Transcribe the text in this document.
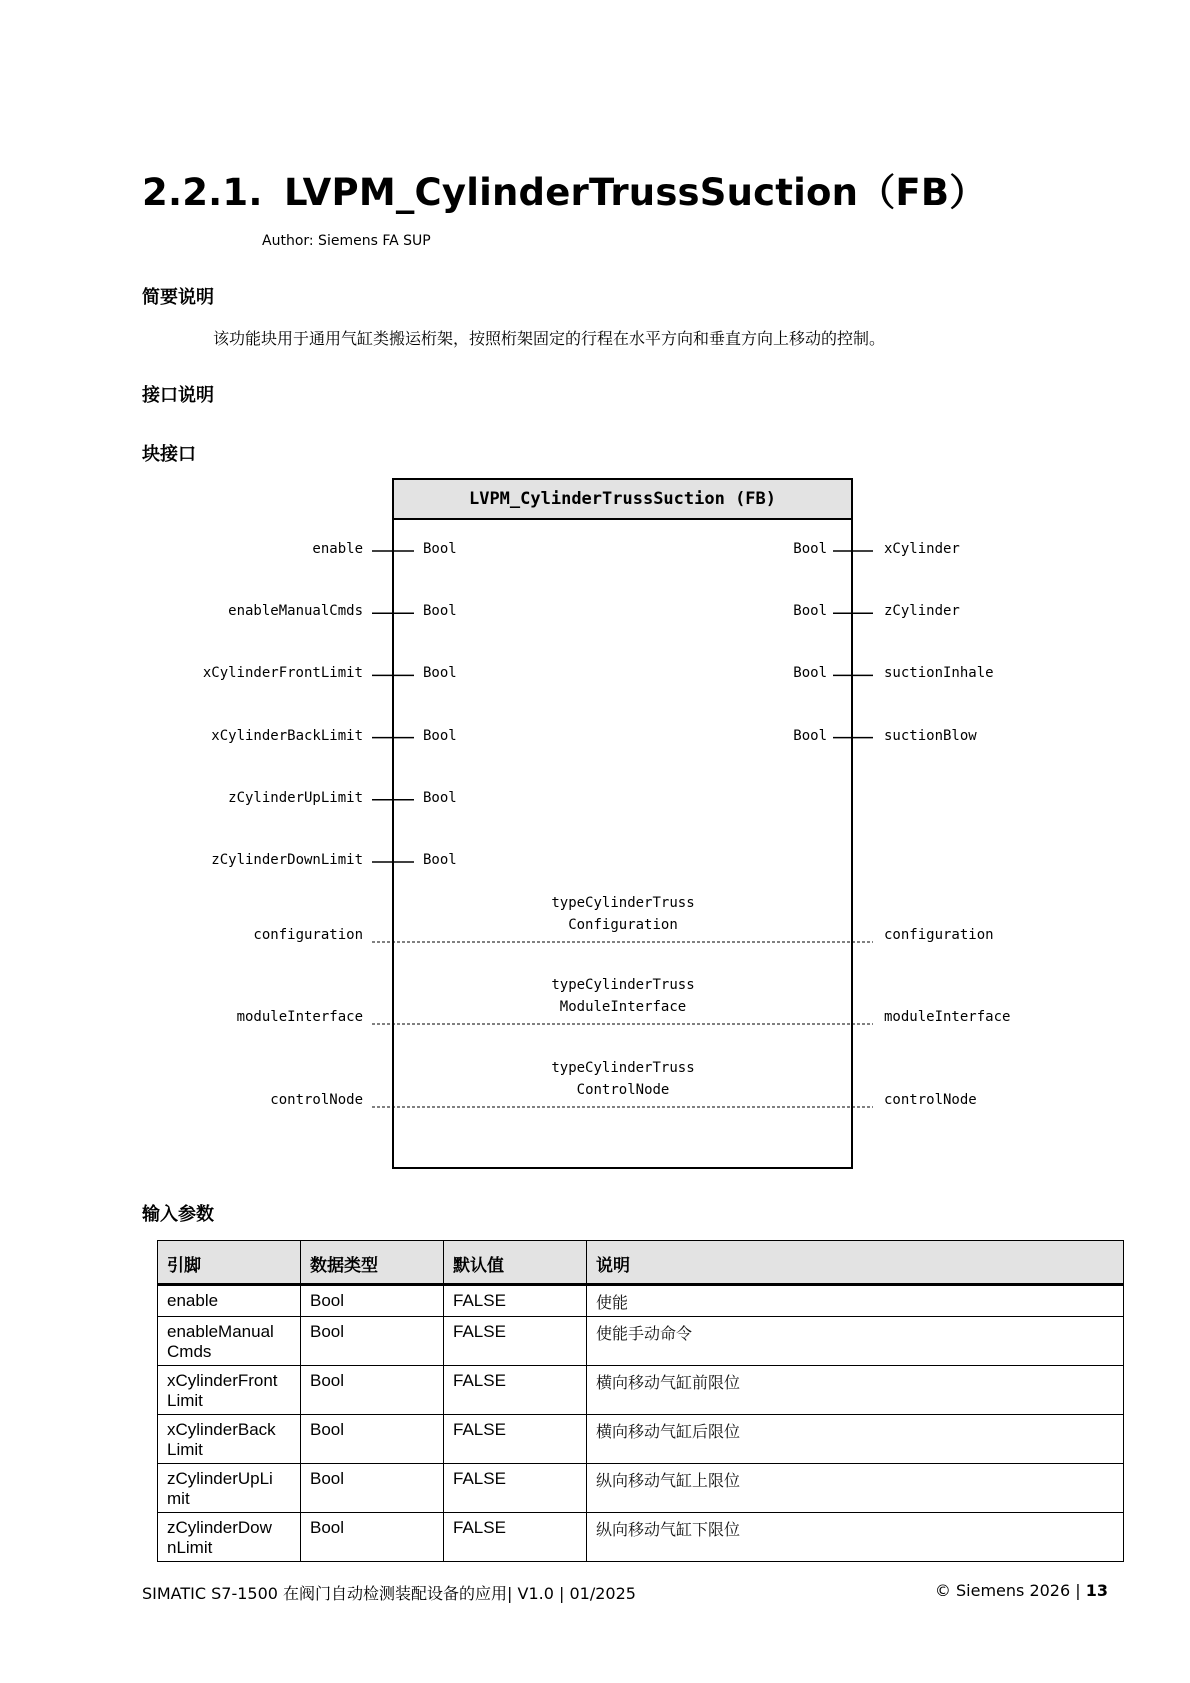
2.2.1. LVPM_CylinderTrussSuction（FB）
Author: Siemens FA SUP
简要说明
该功能块用于通用气缸类搬运桁架，按照桁架固定的行程在水平方向和垂直方向上移动的控制。
接口说明
块接口
LVPM_CylinderTrussSuction (FB)
enable	Bool
enableManualCmds	Bool
xCylinderFrontLimit	Bool
xCylinderBackLimit	Bool
zCylinderUpLimit	Bool
zCylinderDownLimit	Bool
Bool	xCylinder
Bool	zCylinder
Bool	suctionInhale
Bool	suctionBlow
configuration	configuration
typeCylinderTruss
Configuration
moduleInterface	moduleInterface
typeCylinderTruss
ModuleInterface
controlNode	controlNode
typeCylinderTruss
ControlNode
输入参数
引脚	数据类型	默认值	说明
enable	Bool	FALSE	使能
enableManual Cmds	Bool	FALSE	使能手动命令
xCylinderFront Limit	Bool	FALSE	横向移动气缸前限位
xCylinderBack Limit	Bool	FALSE	横向移动气缸后限位
zCylinderUpLi mit	Bool	FALSE	纵向移动气缸上限位
zCylinderDow nLimit	Bool	FALSE	纵向移动气缸下限位
SIMATIC S7-1500 在阀门自动检测装配设备的应用| V1.0 | 01/2025	© Siemens 2026 | 13
